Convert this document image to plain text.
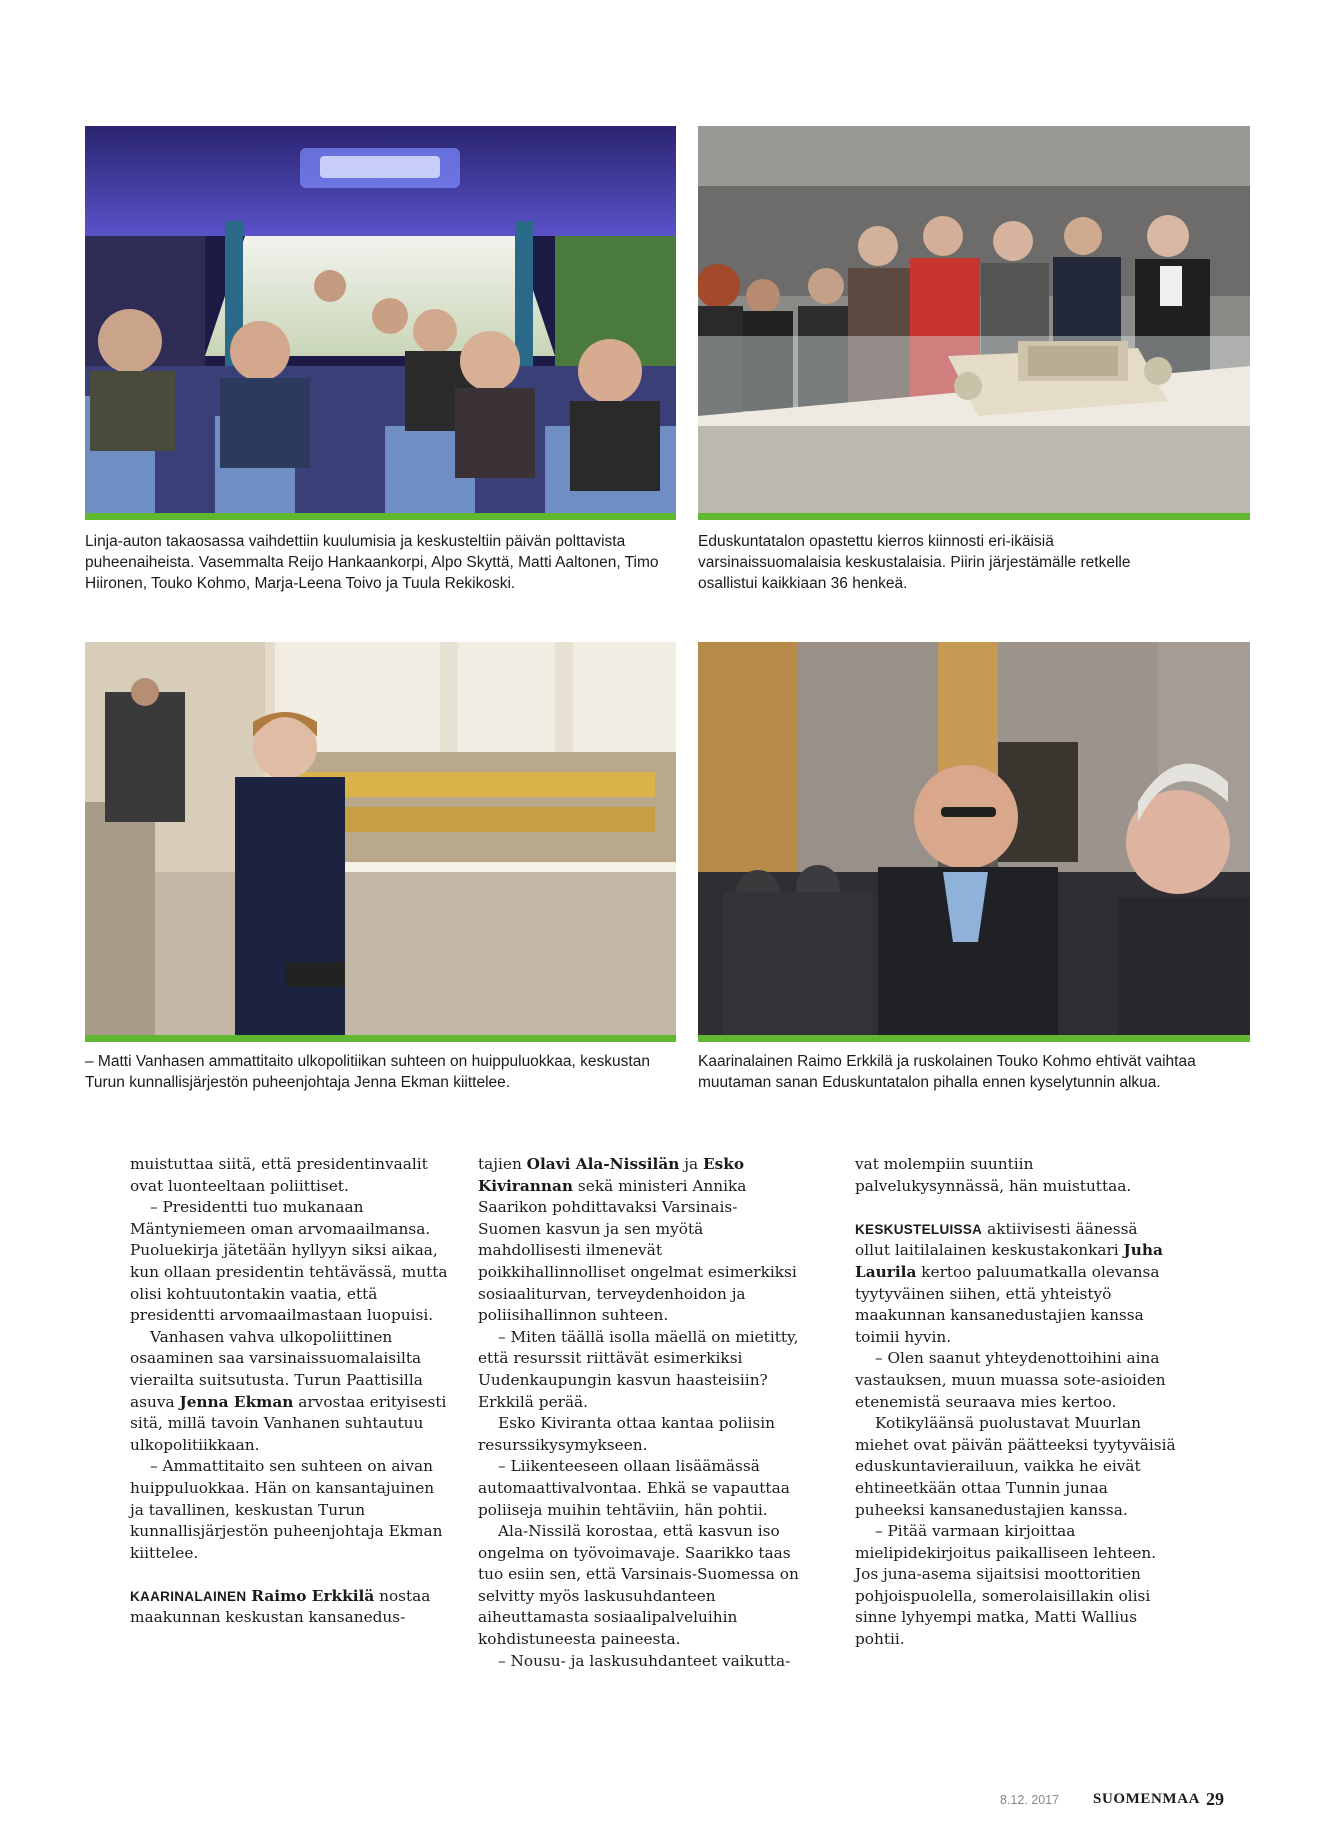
Linja-auton takaosassa vaihdettiin kuulumisia ja keskusteltiin päivän polttavista puheenaiheista. Vasemmalta Reijo Hankaankorpi, Alpo Skyttä, Matti Aaltonen, Timo Hiironen, Touko Kohmo, Marja-Leena Toivo ja Tuula Rekikoski.

Eduskuntatalon opastettu kierros kiinnosti eri-ikäisiä varsinaissuomalaisia keskustalaisia. Piirin järjestämälle retkelle osallistui kaikkiaan 36 henkeä.

– Matti Vanhasen ammattitaito ulkopolitiikan suhteen on huippuluokkaa, keskustan Turun kunnallisjärjestön puheenjohtaja Jenna Ekman kiittelee.

Kaarinalainen Raimo Erkkilä ja ruskolainen Touko Kohmo ehtivät vaihtaa muutaman sanan Eduskuntatalon pihalla ennen kyselytunnin alkua.

muistuttaa siitä, että presidentinvaalit ovat luonteeltaan poliittiset.

– Presidentti tuo mukanaan Mäntyniemeen oman arvomaailmansa. Puoluekirja jätetään hyllyyn siksi aikaa, kun ollaan presidentin tehtävässä, mutta olisi kohtuutontakin vaatia, että presidentti arvomaailmastaan luopuisi.

Vanhasen vahva ulkopoliittinen osaaminen saa varsinaissuomalaisilta vierailta suitsutusta. Turun Paattisilla asuva Jenna Ekman arvostaa erityisesti sitä, millä tavoin Vanhanen suhtautuu ulkopolitiikkaan.

– Ammattitaito sen suhteen on aivan huippuluokkaa. Hän on kansantajuinen ja tavallinen, keskustan Turun kunnallisjärjestön puheenjohtaja Ekman kiittelee.

KAARINALAINEN Raimo Erkkilä nostaa maakunnan keskustan kansanedus-

tajien Olavi Ala-Nissilän ja Esko Kivirannan sekä ministeri Annika Saarikon pohdittavaksi Varsinais-Suomen kasvun ja sen myötä mahdollisesti ilmenevät poikkihallinnolliset ongelmat esimerkiksi sosiaaliturvan, terveydenhoidon ja poliisihallinnon suhteen.

– Miten täällä isolla mäellä on mietitty, että resurssit riittävät esimerkiksi Uudenkaupungin kasvun haasteisiin? Erkkilä perää.

Esko Kiviranta ottaa kantaa poliisin resurssikysymykseen.

– Liikenteeseen ollaan lisäämässä automaattivalvontaa. Ehkä se vapauttaa poliiseja muihin tehtäviin, hän pohtii.

Ala-Nissilä korostaa, että kasvun iso ongelma on työvoimavaje. Saarikko taas tuo esiin sen, että Varsinais-Suomessa on selvitty myös laskusuhdanteen aiheuttamasta sosiaalipalveluihin kohdistuneesta paineesta.

– Nousu- ja laskusuhdanteet vaikutta-

vat molempiin suuntiin palvelukysynnässä, hän muistuttaa.

KESKUSTELUISSA aktiivisesti äänessä ollut laitilalainen keskustakonkari Juha Laurila kertoo paluumatkalla olevansa tyytyväinen siihen, että yhteistyö maakunnan kansanedustajien kanssa toimii hyvin.

– Olen saanut yhteydenottoihini aina vastauksen, muun muassa sote-asioiden etenemistä seuraava mies kertoo.

Kotikyläänsä puolustavat Muurlan miehet ovat päivän päätteeksi tyytyväisiä eduskuntavierailuun, vaikka he eivät ehtineetkään ottaa Tunnin junaa puheeksi kansanedustajien kanssa.

– Pitää varmaan kirjoittaa mielipidekirjoitus paikalliseen lehteen. Jos juna-asema sijaitsisi moottoritien pohjoispuolella, somerolaisillakin olisi sinne lyhyempi matka, Matti Wallius pohtii.

8.12. 2017 SUOMENMAA 29
